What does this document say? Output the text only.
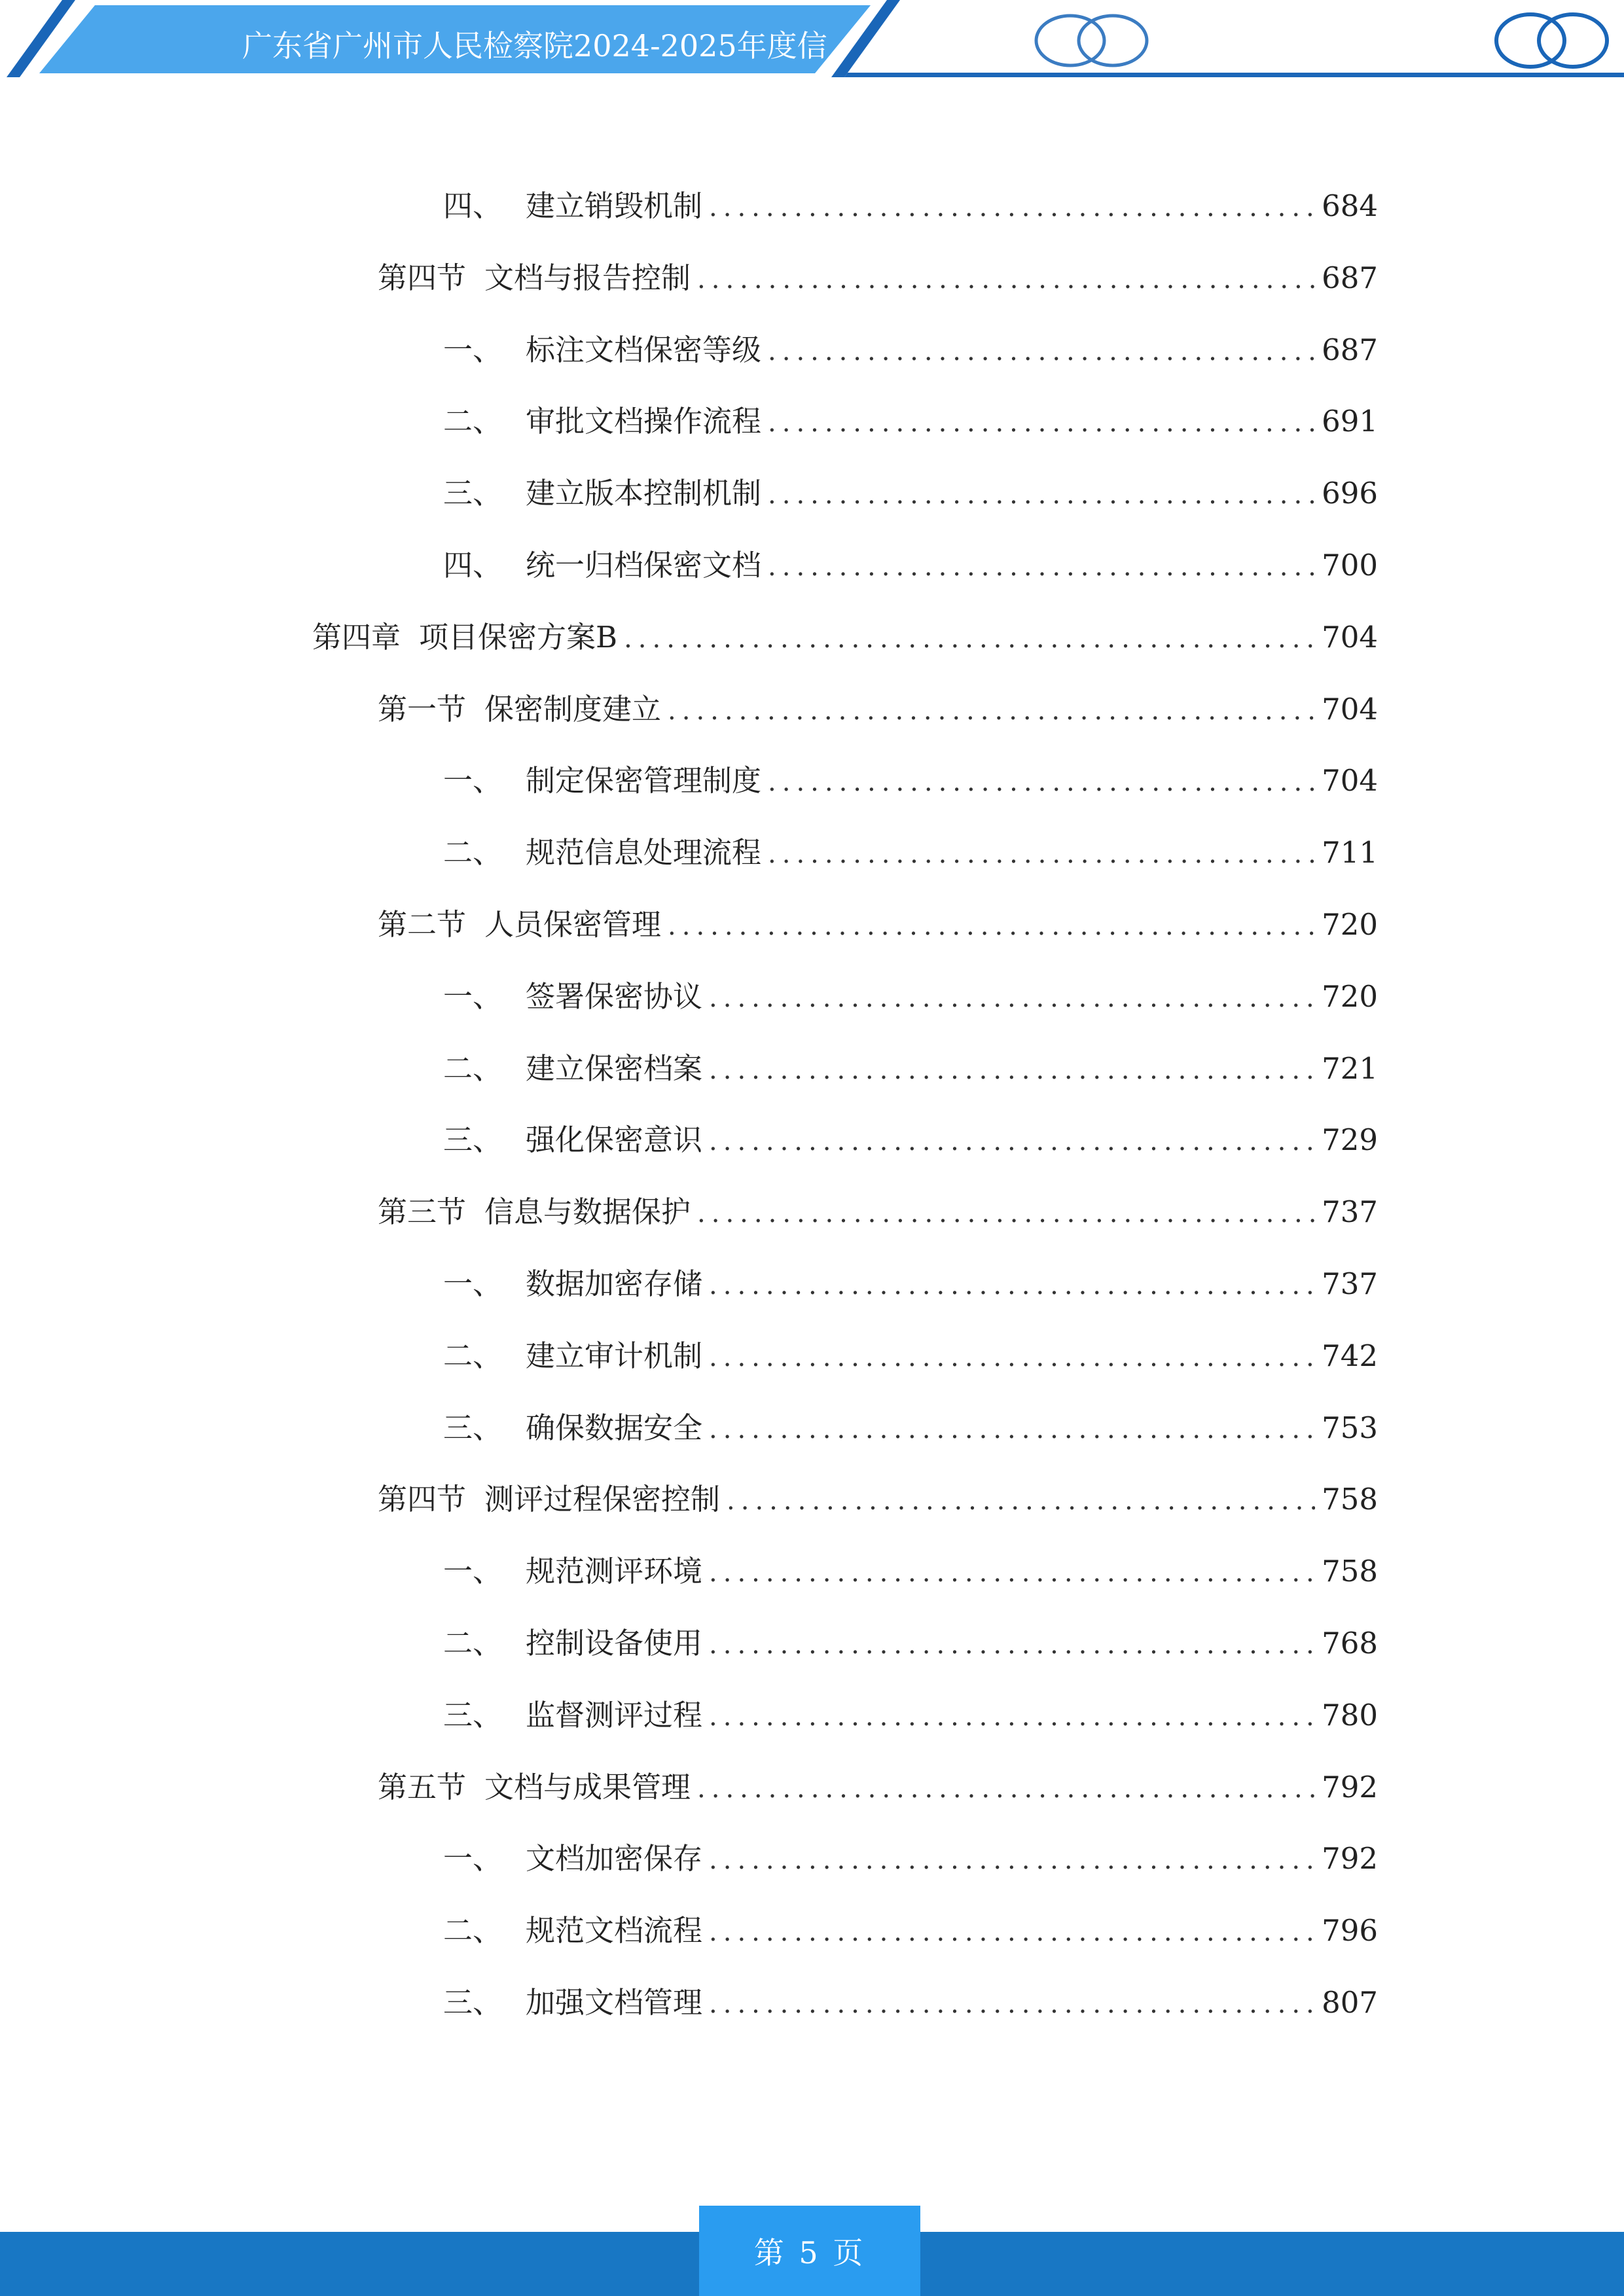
广东省广州市人民检察院2024-2025年度信
四、 建立销毁机制 .....	684
第四节 文档与报告控制 .....	687
一、 标注文档保密等级 .....	687
二、 审批文档操作流程 .....	691
三、 建立版本控制机制 .....	696
四、 统一归档保密文档 .....	700
第四章 项目保密方案B .....	704
第一节 保密制度建立 .....	704
一、 制定保密管理制度 .....	704
二、 规范信息处理流程 .....	711
第二节 人员保密管理 .....	720
一、 签署保密协议 .....	720
二、 建立保密档案 .....	721
三、 强化保密意识 .....	729
第三节 信息与数据保护 .....	737
一、 数据加密存储 .....	737
二、 建立审计机制 .....	742
三、 确保数据安全 .....	753
第四节 测评过程保密控制 .....	758
一、 规范测评环境 .....	758
二、 控制设备使用 .....	768
三、 监督测评过程 .....	780
第五节 文档与成果管理 .....	792
一、 文档加密保存 .....	792
二、 规范文档流程 .....	796
三、 加强文档管理 .....	807
第 5 页
